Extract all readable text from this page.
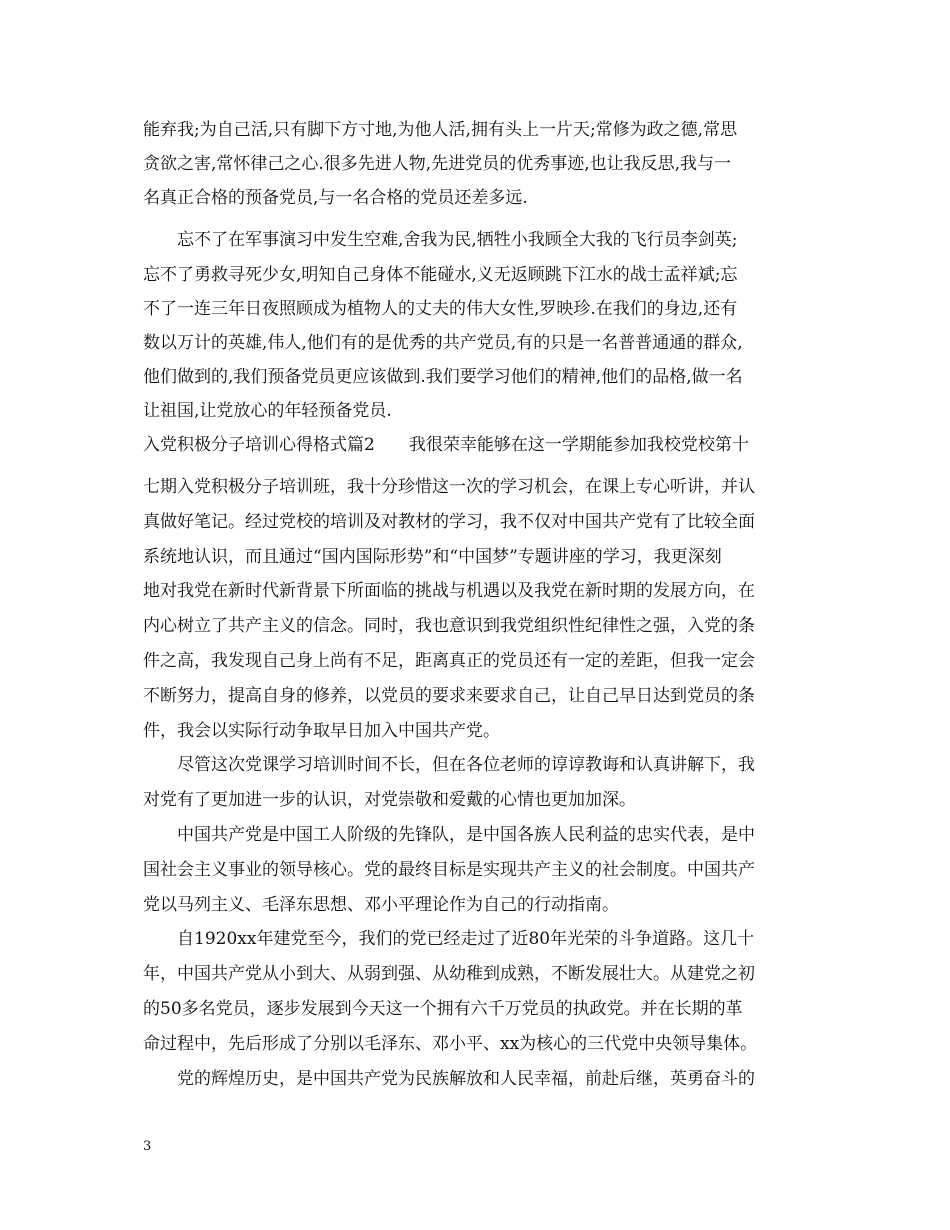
能弃我;为自己活,只有脚下方寸地,为他人活,拥有头上一片天;常修为政之德,常思
贪欲之害,常怀律己之心.很多先进人物,先进党员的优秀事迹,也让我反思,我与一
名真正合格的预备党员,与一名合格的党员还差多远.
忘不了在军事演习中发生空难,舍我为民,牺牲小我顾全大我的飞行员李剑英;
忘不了勇救寻死少女,明知自己身体不能碰水,义无返顾跳下江水的战士孟祥斌;忘
不了一连三年日夜照顾成为植物人的丈夫的伟大女性,罗映珍.在我们的身边,还有
数以万计的英雄,伟人,他们有的是优秀的共产党员,有的只是一名普普通通的群众,
他们做到的,我们预备党员更应该做到.我们要学习他们的精神,他们的品格,做一名
让祖国,让党放心的年轻预备党员.
入党积极分子培训心得格式篇2　　我很荣幸能够在这一学期能参加我校党校第十
七期入党积极分子培训班，我十分珍惜这一次的学习机会，在课上专心听讲，并认
真做好笔记。经过党校的培训及对教材的学习，我不仅对中国共产党有了比较全面
系统地认识，而且通过“国内国际形势”和“中国梦”专题讲座的学习，我更深刻
地对我党在新时代新背景下所面临的挑战与机遇以及我党在新时期的发展方向，在
内心树立了共产主义的信念。同时，我也意识到我党组织性纪律性之强，入党的条
件之高，我发现自己身上尚有不足，距离真正的党员还有一定的差距，但我一定会
不断努力，提高自身的修养，以党员的要求来要求自己，让自己早日达到党员的条
件，我会以实际行动争取早日加入中国共产党。
尽管这次党课学习培训时间不长，但在各位老师的谆谆教诲和认真讲解下，我
对党有了更加进一步的认识，对党崇敬和爱戴的心情也更加加深。
中国共产党是中国工人阶级的先锋队，是中国各族人民利益的忠实代表，是中
国社会主义事业的领导核心。党的最终目标是实现共产主义的社会制度。中国共产
党以马列主义、毛泽东思想、邓小平理论作为自己的行动指南。
自1920xx年建党至今，我们的党已经走过了近80年光荣的斗争道路。这几十
年，中国共产党从小到大、从弱到强、从幼稚到成熟，不断发展壮大。从建党之初
的50多名党员，逐步发展到今天这一个拥有六千万党员的执政党。并在长期的革
命过程中，先后形成了分别以毛泽东、邓小平、xx为核心的三代党中央领导集体。
党的辉煌历史，是中国共产党为民族解放和人民幸福，前赴后继，英勇奋斗的
3
